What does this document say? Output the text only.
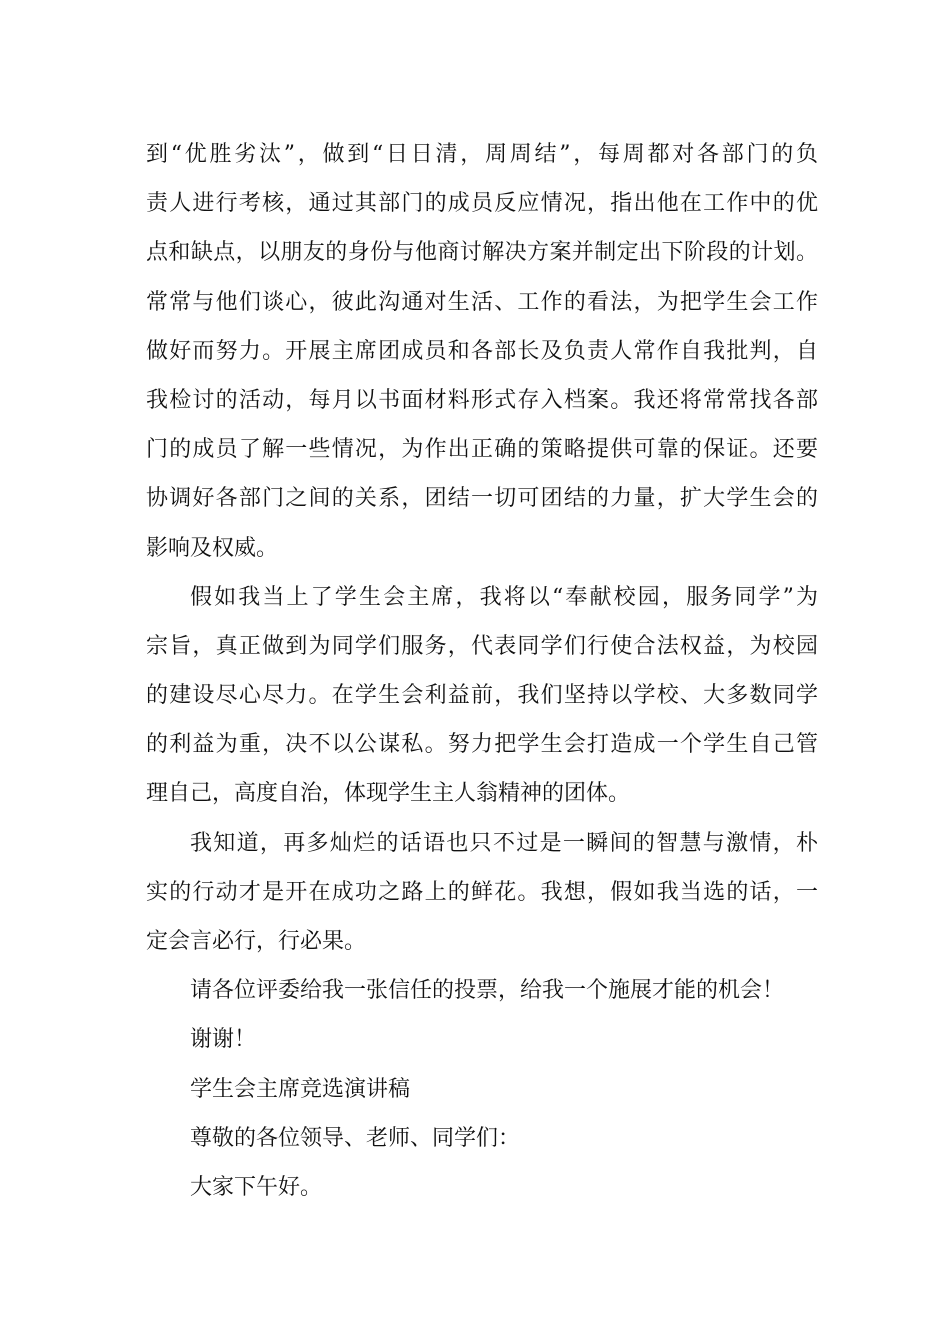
到“优胜劣汰”，做到“日日清，周周结”，每周都对各部门的负
责人进行考核，通过其部门的成员反应情况，指出他在工作中的优
点和缺点，以朋友的身份与他商讨解决方案并制定出下阶段的计划。
常常与他们谈心，彼此沟通对生活、工作的看法，为把学生会工作
做好而努力。开展主席团成员和各部长及负责人常作自我批判，自
我检讨的活动，每月以书面材料形式存入档案。我还将常常找各部
门的成员了解一些情况，为作出正确的策略提供可靠的保证。还要
协调好各部门之间的关系，团结一切可团结的力量，扩大学生会的
影响及权威。
假如我当上了学生会主席，我将以“奉献校园，服务同学”为
宗旨，真正做到为同学们服务，代表同学们行使合法权益，为校园
的建设尽心尽力。在学生会利益前，我们坚持以学校、大多数同学
的利益为重，决不以公谋私。努力把学生会打造成一个学生自己管
理自己，高度自治，体现学生主人翁精神的团体。
我知道，再多灿烂的话语也只不过是一瞬间的智慧与激情，朴
实的行动才是开在成功之路上的鲜花。我想，假如我当选的话，一
定会言必行，行必果。
请各位评委给我一张信任的投票，给我一个施展才能的机会！
谢谢！
学生会主席竞选演讲稿
尊敬的各位领导、老师、同学们：
大家下午好。
